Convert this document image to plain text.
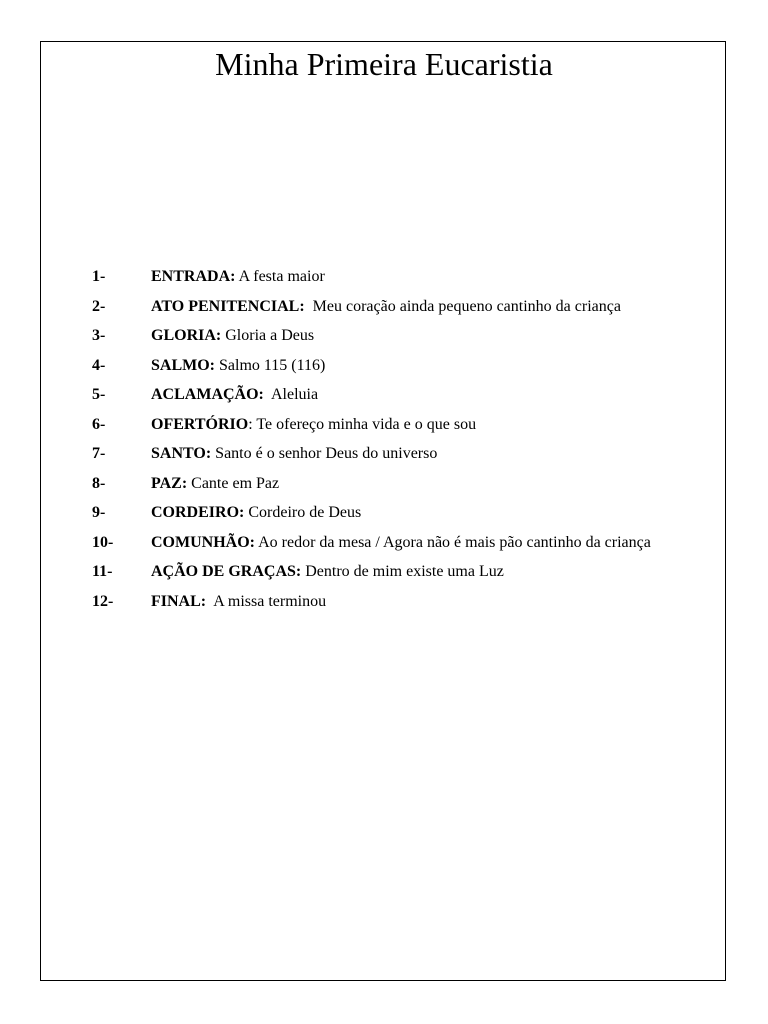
Minha Primeira Eucaristia
1-	ENTRADA: A festa maior
2-	ATO PENITENCIAL: Meu coração ainda pequeno cantinho da criança
3-	GLORIA: Gloria a Deus
4-	SALMO: Salmo 115 (116)
5-	ACLAMAÇÃO: Aleluia
6-	OFERTÓRIO: Te ofereço minha vida e o que sou
7-	SANTO: Santo é o senhor Deus do universo
8-	PAZ: Cante em Paz
9-	CORDEIRO: Cordeiro de Deus
10-	COMUNHÃO: Ao redor da mesa / Agora não é mais pão cantinho da criança
11-	AÇÃO DE GRAÇAS: Dentro de mim existe uma Luz
12-	FINAL: A missa terminou
